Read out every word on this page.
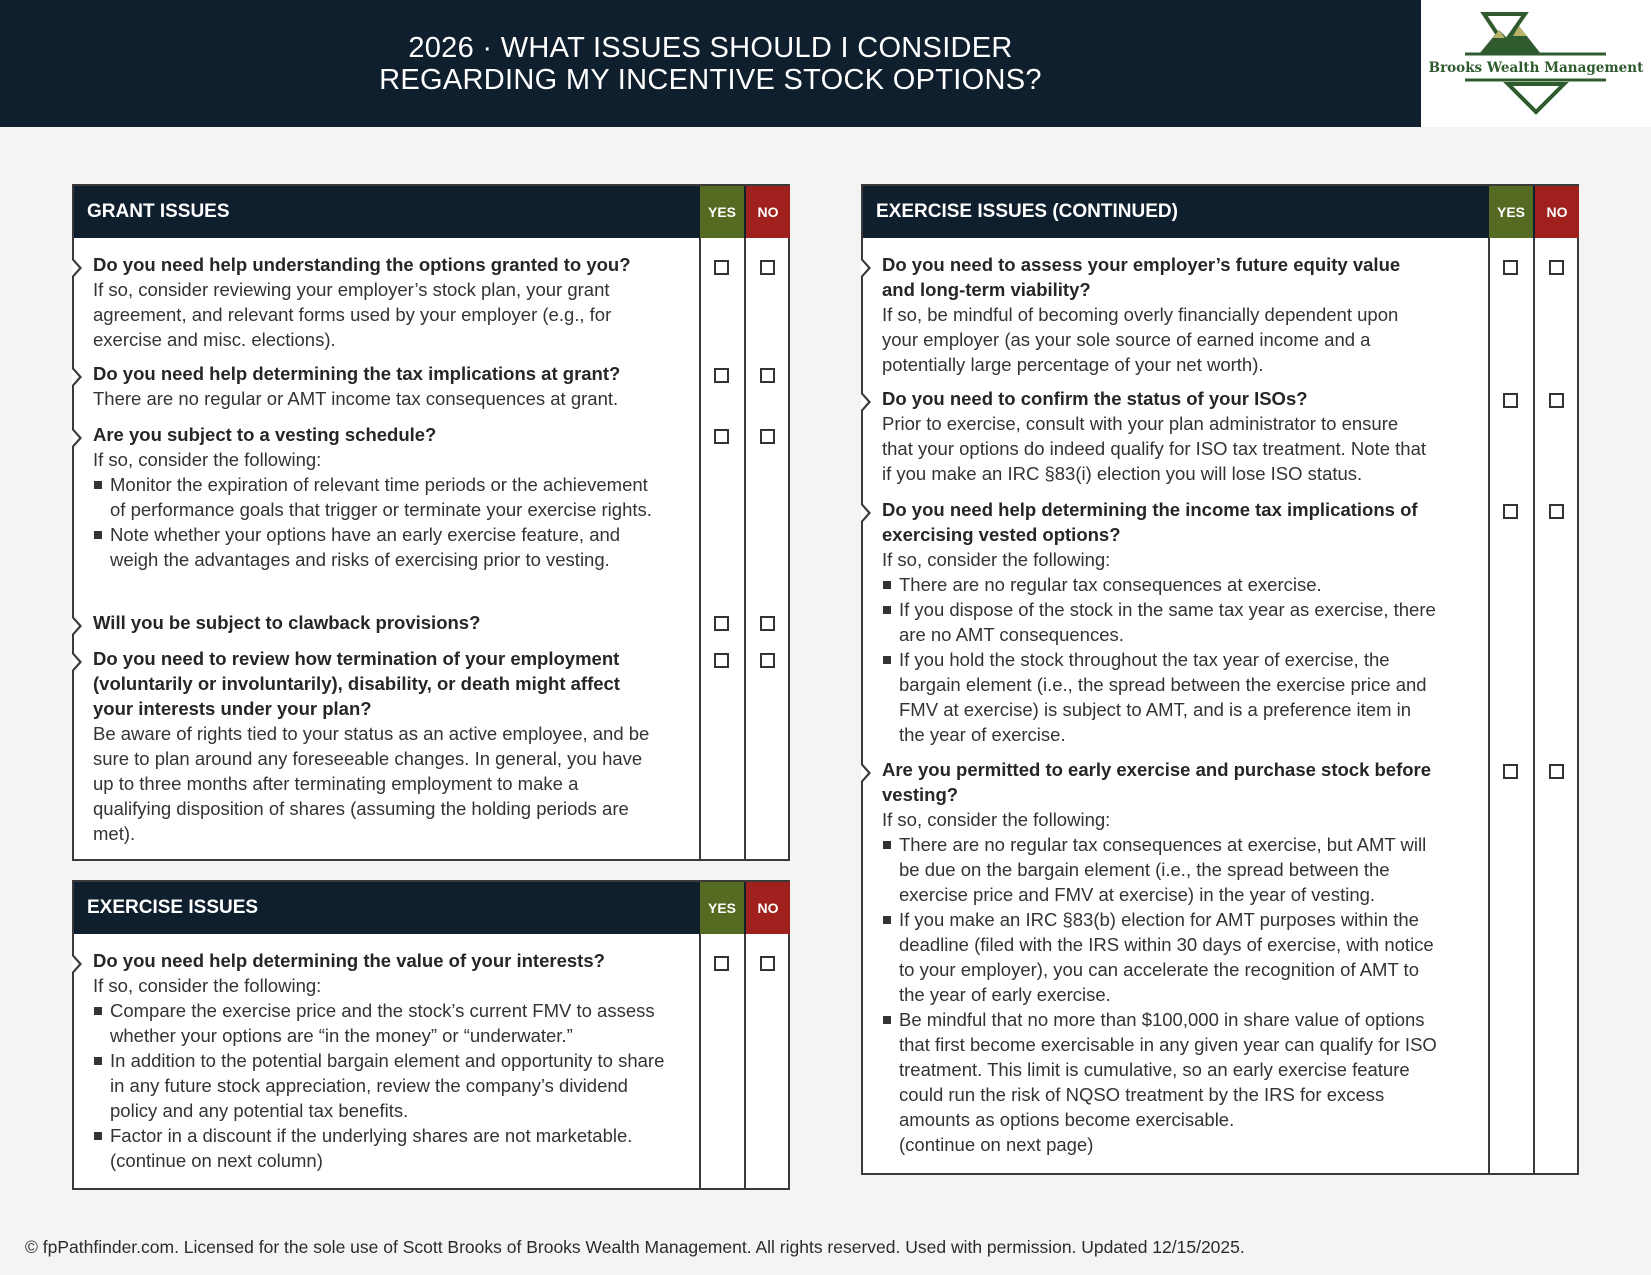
2026 · WHAT ISSUES SHOULD I CONSIDER
REGARDING MY INCENTIVE STOCK OPTIONS?	Brooks Wealth Management
GRANT ISSUES	YES	NO
Do you need help understanding the options granted to you?
If so, consider reviewing your employer’s stock plan, your grant agreement, and relevant forms used by your employer (e.g., for exercise and misc. elections).
Do you need help determining the tax implications at grant?
There are no regular or AMT income tax consequences at grant.
Are you subject to a vesting schedule?
If so, consider the following:
Monitor the expiration of relevant time periods or the achievement of performance goals that trigger or terminate your exercise rights.
Note whether your options have an early exercise feature, and weigh the advantages and risks of exercising prior to vesting.
Will you be subject to clawback provisions?
Do you need to review how termination of your employment (voluntarily or involuntarily), disability, or death might affect your interests under your plan?
Be aware of rights tied to your status as an active employee, and be sure to plan around any foreseeable changes. In general, you have up to three months after terminating employment to make a qualifying disposition of shares (assuming the holding periods are met).
EXERCISE ISSUES	YES	NO
Do you need help determining the value of your interests?
If so, consider the following:
Compare the exercise price and the stock’s current FMV to assess whether your options are “in the money” or “underwater.”
In addition to the potential bargain element and opportunity to share in any future stock appreciation, review the company’s dividend policy and any potential tax benefits.
Factor in a discount if the underlying shares are not marketable.
(continue on next column)
EXERCISE ISSUES (CONTINUED)	YES	NO
Do you need to assess your employer’s future equity value and long-term viability?
If so, be mindful of becoming overly financially dependent upon your employer (as your sole source of earned income and a potentially large percentage of your net worth).
Do you need to confirm the status of your ISOs?
Prior to exercise, consult with your plan administrator to ensure that your options do indeed qualify for ISO tax treatment. Note that if you make an IRC §83(i) election you will lose ISO status.
Do you need help determining the income tax implications of exercising vested options?
If so, consider the following:
There are no regular tax consequences at exercise.
If you dispose of the stock in the same tax year as exercise, there are no AMT consequences.
If you hold the stock throughout the tax year of exercise, the bargain element (i.e., the spread between the exercise price and FMV at exercise) is subject to AMT, and is a preference item in the year of exercise.
Are you permitted to early exercise and purchase stock before vesting?
If so, consider the following:
There are no regular tax consequences at exercise, but AMT will be due on the bargain element (i.e., the spread between the exercise price and FMV at exercise) in the year of vesting.
If you make an IRC §83(b) election for AMT purposes within the deadline (filed with the IRS within 30 days of exercise, with notice to your employer), you can accelerate the recognition of AMT to the year of early exercise.
Be mindful that no more than $100,000 in share value of options that first become exercisable in any given year can qualify for ISO treatment. This limit is cumulative, so an early exercise feature could run the risk of NQSO treatment by the IRS for excess amounts as options become exercisable.
(continue on next page)
© fpPathfinder.com. Licensed for the sole use of Scott Brooks of Brooks Wealth Management. All rights reserved. Used with permission. Updated 12/15/2025.
